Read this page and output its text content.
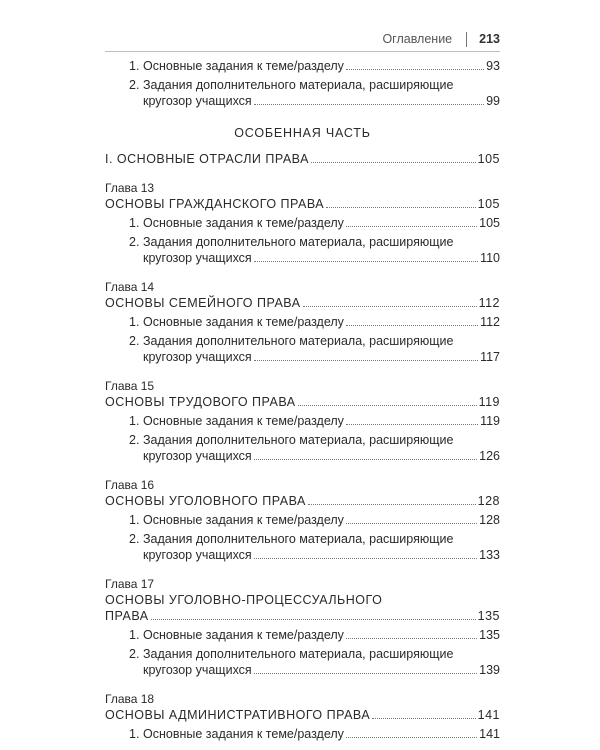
Оглавление 213
1. Основные задания к теме/разделу	93
2. Задания дополнительного материала, расширяющие
кругозор учащихся	99
ОСОБЕННАЯ ЧАСТЬ
I. ОСНОВНЫЕ ОТРАСЛИ ПРАВА	105
Глава 13
ОСНОВЫ ГРАЖДАНСКОГО ПРАВА	105
1. Основные задания к теме/разделу	105
2. Задания дополнительного материала, расширяющие
кругозор учащихся	110
Глава 14
ОСНОВЫ СЕМЕЙНОГО ПРАВА	112
1. Основные задания к теме/разделу	112
2. Задания дополнительного материала, расширяющие
кругозор учащихся	117
Глава 15
ОСНОВЫ ТРУДОВОГО ПРАВА	119
1. Основные задания к теме/разделу	119
2. Задания дополнительного материала, расширяющие
кругозор учащихся	126
Глава 16
ОСНОВЫ УГОЛОВНОГО ПРАВА	128
1. Основные задания к теме/разделу	128
2. Задания дополнительного материала, расширяющие
кругозор учащихся	133
Глава 17
ОСНОВЫ УГОЛОВНО-ПРОЦЕССУАЛЬНОГО
ПРАВА	135
1. Основные задания к теме/разделу	135
2. Задания дополнительного материала, расширяющие
кругозор учащихся	139
Глава 18
ОСНОВЫ АДМИНИСТРАТИВНОГО ПРАВА	141
1. Основные задания к теме/разделу	141
